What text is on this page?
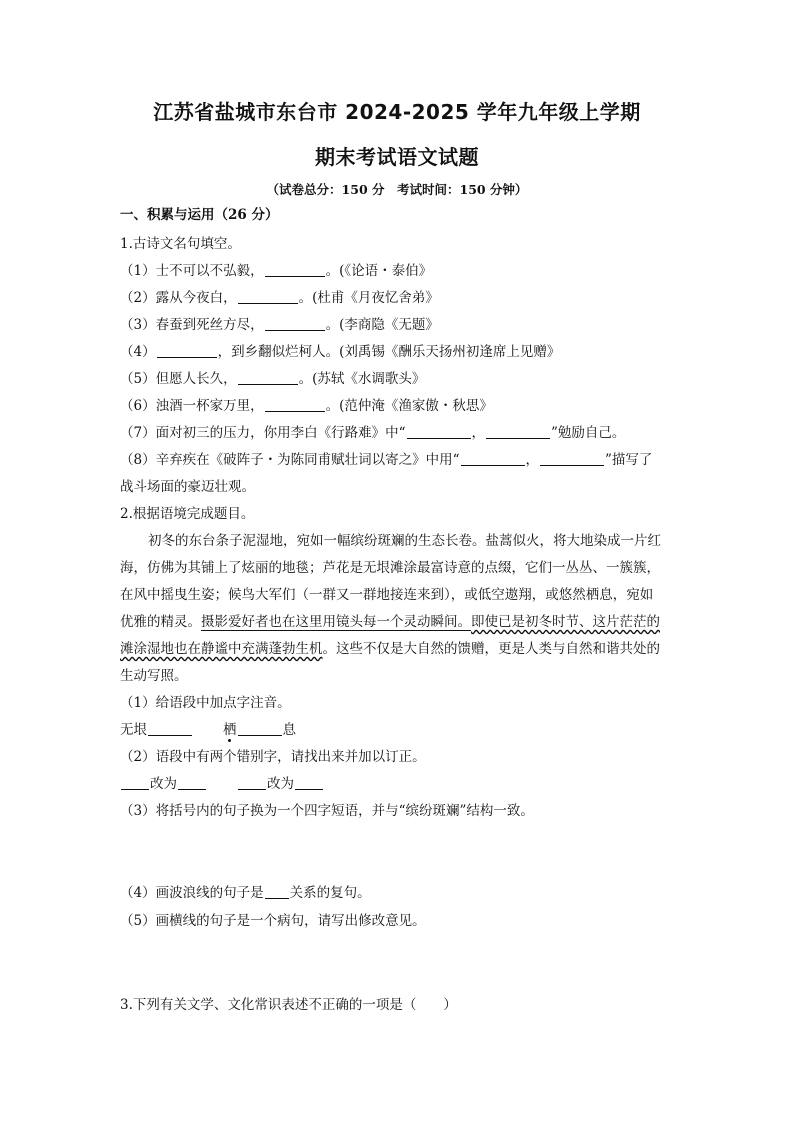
江苏省盐城市东台市 2024-2025 学年九年级上学期
期末考试语文试题
（试卷总分：150 分　考试时间：150 分钟）
一、积累与运用（26 分）
1.古诗文名句填空。
（1）士不可以不弘毅，	。(《论语・泰伯》
（2）露从今夜白，	。(杜甫《月夜忆舍弟》
（3）春蚕到死丝方尽，	。(李商隐《无题》
（4）	，到乡翻似烂柯人。(刘禹锡《酬乐天扬州初逢席上见赠》
（5）但愿人长久，	。(苏轼《水调歌头》
（6）浊酒一杯家万里，	。(范仲淹《渔家傲・秋思》
（7）面对初三的压力，你用李白《行路难》中“	，	”勉励自己。
（8）辛弃疾在《破阵子・为陈同甫赋壮词以寄之》中用“	，	”描写了
战斗场面的豪迈壮观。
2.根据语境完成题目。
初冬的东台条子泥湿地，宛如一幅缤纷斑斓的生态长卷。盐蒿似火，将大地染成一片红
海，仿佛为其铺上了炫丽的地毯；芦花是无垠滩涂最富诗意的点缀，它们一丛丛、一簇簇，
在风中摇曳生姿；候鸟大军们（一群又一群地接连来到），或低空遨翔，或悠然栖息，宛如
优雅的精灵。摄影爱好者也在这里用镜头每一个灵动瞬间。即使已是初冬时节、这片茫茫的
滩涂湿地也在静谧中充满蓬勃生机。这些不仅是大自然的馈赠，更是人类与自然和谐共处的
生动写照。
（1）给语段中加点字注音。
无垠	栖	息
（2）语段中有两个错别字，请找出来并加以订正。
改为	改为
（3）将括号内的句子换为一个四字短语，并与“缤纷斑斓”结构一致。
（4）画波浪线的句子是 关系的复句。
（5）画横线的句子是一个病句，请写出修改意见。
3.下列有关文学、文化常识表述不正确的一项是（　　）
